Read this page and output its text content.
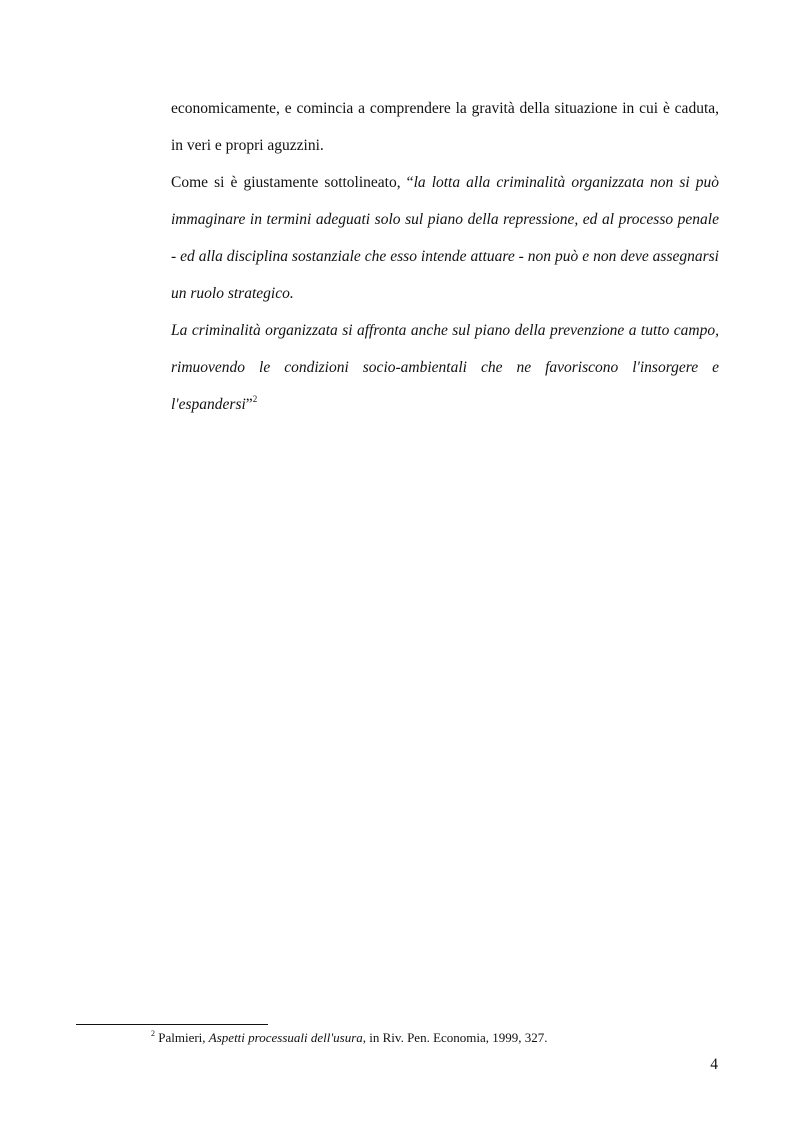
economicamente, e comincia a comprendere la gravità della situazione in cui è caduta, in veri e propri aguzzini.

Come si è giustamente sottolineato, “la lotta alla criminalità organizzata non si può immaginare in termini adeguati solo sul piano della repressione, ed al processo penale - ed alla disciplina sostanziale che esso intende attuare - non può e non deve assegnarsi un ruolo strategico.

La criminalità organizzata si affronta anche sul piano della prevenzione a tutto campo, rimuovendo le condizioni socio-ambientali che ne favoriscono l'insorgere e l'espandersi”$^2$

$^2$ Palmieri, Aspetti processuali dell'usura, in Riv. Pen. Economia, 1999, 327.
4
